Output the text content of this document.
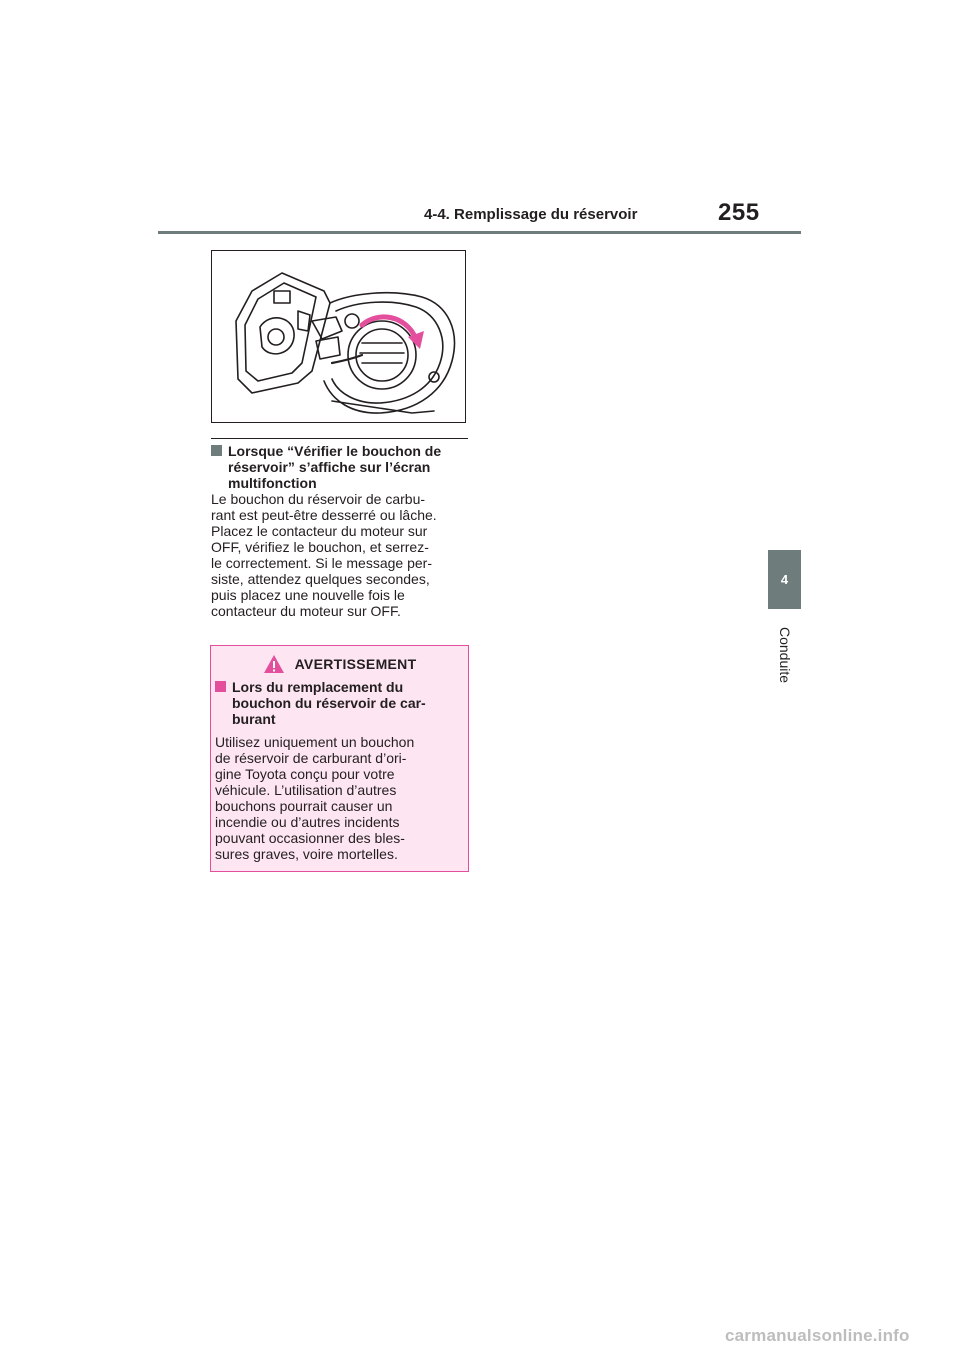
4-4. Remplissage du réservoir	255
4
Conduite
Lorsque “Vérifier le bouchon de
réservoir” s’affiche sur l’écran
multifonction
Le bouchon du réservoir de carbu-
rant est peut-être desserré ou lâche.
Placez le contacteur du moteur sur
OFF, vérifiez le bouchon, et serrez-
le correctement. Si le message per-
siste, attendez quelques secondes,
puis placez une nouvelle fois le
contacteur du moteur sur OFF.
AVERTISSEMENT
Lors du remplacement du
bouchon du réservoir de car-
burant
Utilisez uniquement un bouchon
de réservoir de carburant d’ori-
gine Toyota conçu pour votre
véhicule. L’utilisation d’autres
bouchons pourrait causer un
incendie ou d’autres incidents
pouvant occasionner des bles-
sures graves, voire mortelles.
carmanualsonline.info
